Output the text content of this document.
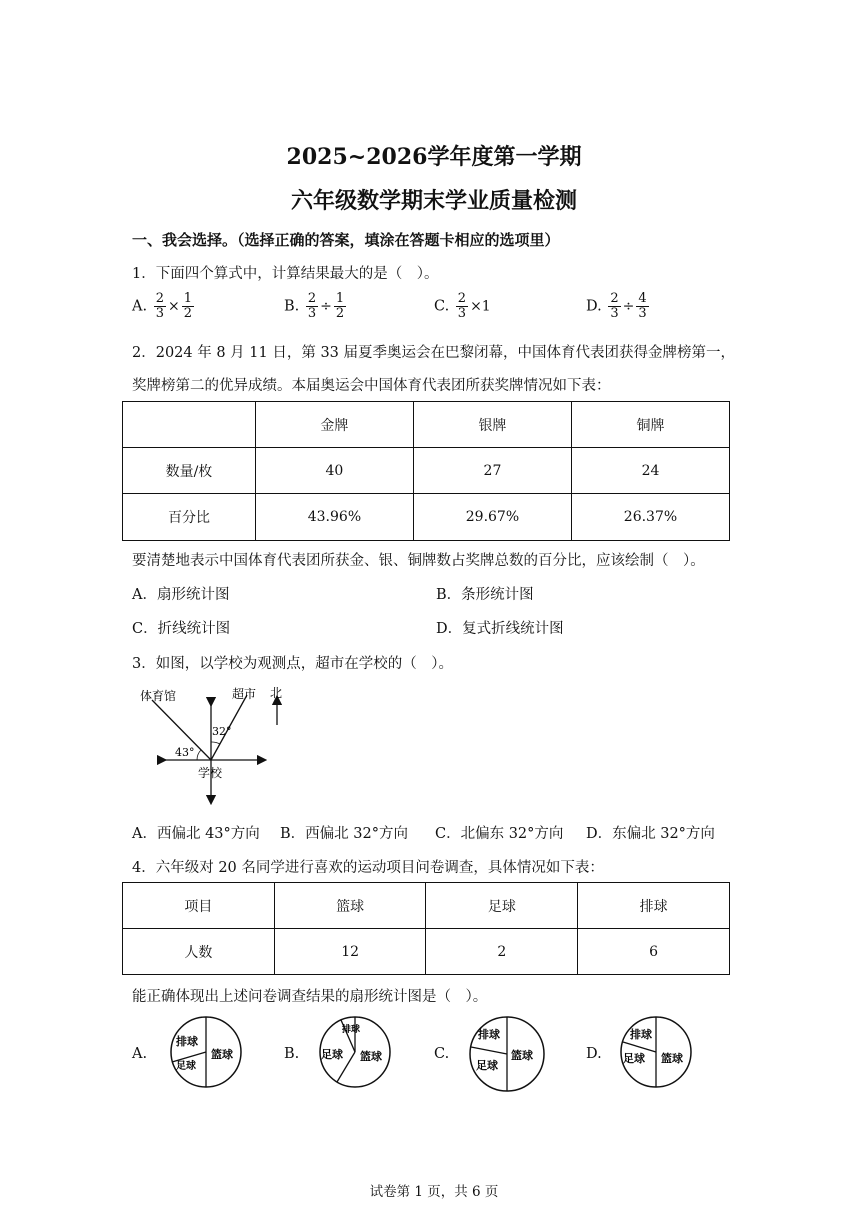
2025~2026学年度第一学期
六年级数学期末学业质量检测
一、我会选择。（选择正确的答案，填涂在答题卡相应的选项里）
1．下面四个算式中，计算结果最大的是（　）。
A. $\frac{2}{3} \times \frac{1}{2}$	B. $\frac{2}{3} \div \frac{1}{2}$	C. $\frac{2}{3} \times 1$	D. $\frac{2}{3} \div \frac{4}{3}$
2．2024 年 8 月 11 日，第 33 届夏季奥运会在巴黎闭幕，中国体育代表团获得金牌榜第一，
奖牌榜第二的优异成绩。本届奥运会中国体育代表团所获奖牌情况如下表：
	金牌	银牌	铜牌
数量/枚	40	27	24
百分比	43.96%	29.67%	26.37%
要清楚地表示中国体育代表团所获金、银、铜牌数占奖牌总数的百分比，应该绘制（　）。
A．扇形统计图	B．条形统计图
C．折线统计图	D．复式折线统计图
3．如图，以学校为观测点，超市在学校的（　）。
体育馆	超市 北
32°
43°
学校
A．西偏北 43°方向 B．西偏北 32°方向 C．北偏东 32°方向 D．东偏北 32°方向
4．六年级对 20 名同学进行喜欢的运动项目问卷调查，具体情况如下表：
项目	篮球	足球	排球
人数	12	2	6
能正确体现出上述问卷调查结果的扇形统计图是（　）。
A.
排球
足球
篮球	B.
排球
足球 篮球	C.
排球
足球
篮球	D.
排球
足球 篮球
试卷第 1 页，共 6 页
